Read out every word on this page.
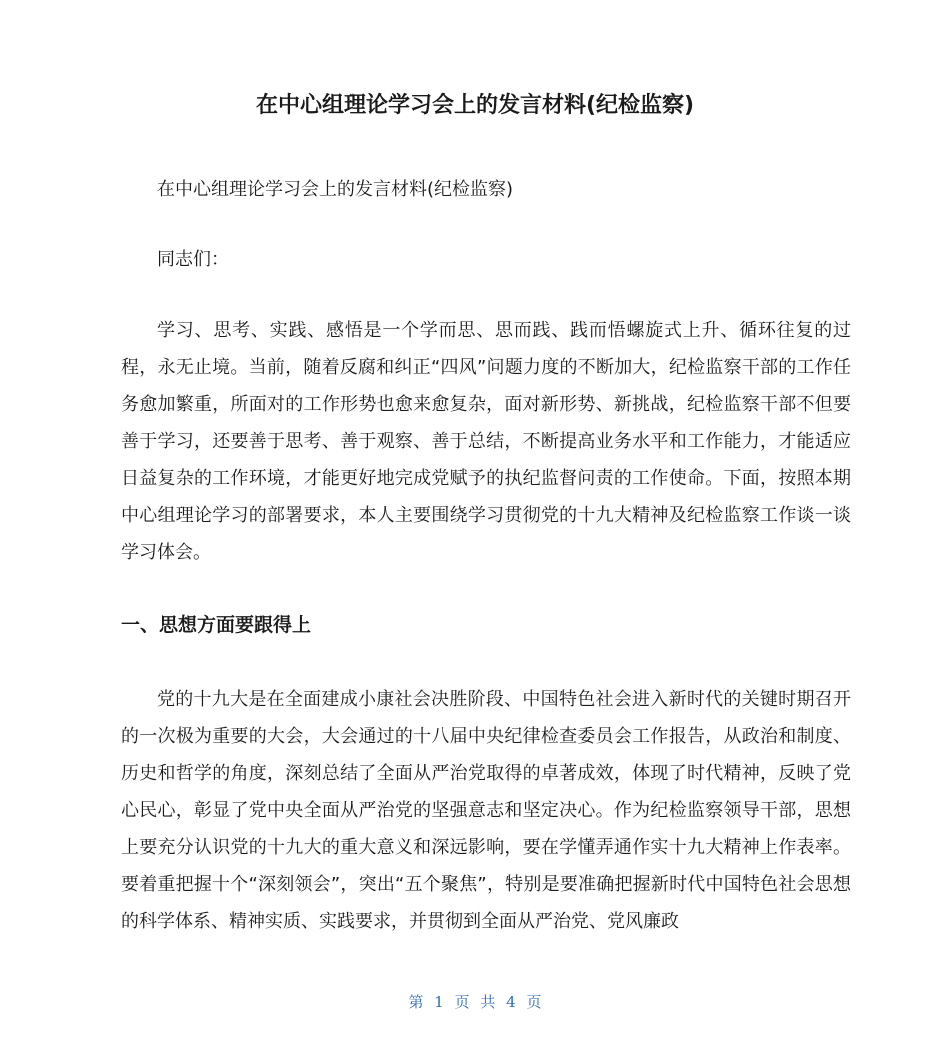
在中心组理论学习会上的发言材料(纪检监察)
在中心组理论学习会上的发言材料(纪检监察)
同志们：
学习、思考、实践、感悟是一个学而思、思而践、践而悟螺旋式上升、循环往复的过程，永无止境。当前，随着反腐和纠正“四风”问题力度的不断加大，纪检监察干部的工作任务愈加繁重，所面对的工作形势也愈来愈复杂，面对新形势、新挑战，纪检监察干部不但要善于学习，还要善于思考、善于观察、善于总结，不断提高业务水平和工作能力，才能适应日益复杂的工作环境，才能更好地完成党赋予的执纪监督问责的工作使命。下面，按照本期中心组理论学习的部署要求，本人主要围绕学习贯彻党的十九大精神及纪检监察工作谈一谈学习体会。
一、思想方面要跟得上
党的十九大是在全面建成小康社会决胜阶段、中国特色社会进入新时代的关键时期召开的一次极为重要的大会，大会通过的十八届中央纪律检查委员会工作报告，从政治和制度、历史和哲学的角度，深刻总结了全面从严治党取得的卓著成效，体现了时代精神，反映了党心民心，彰显了党中央全面从严治党的坚强意志和坚定决心。作为纪检监察领导干部，思想上要充分认识党的十九大的重大意义和深远影响，要在学懂弄通作实十九大精神上作表率。要着重把握十个“深刻领会”，突出“五个聚焦”，特别是要准确把握新时代中国特色社会思想的科学体系、精神实质、实践要求，并贯彻到全面从严治党、党风廉政
第 1 页 共 4 页
